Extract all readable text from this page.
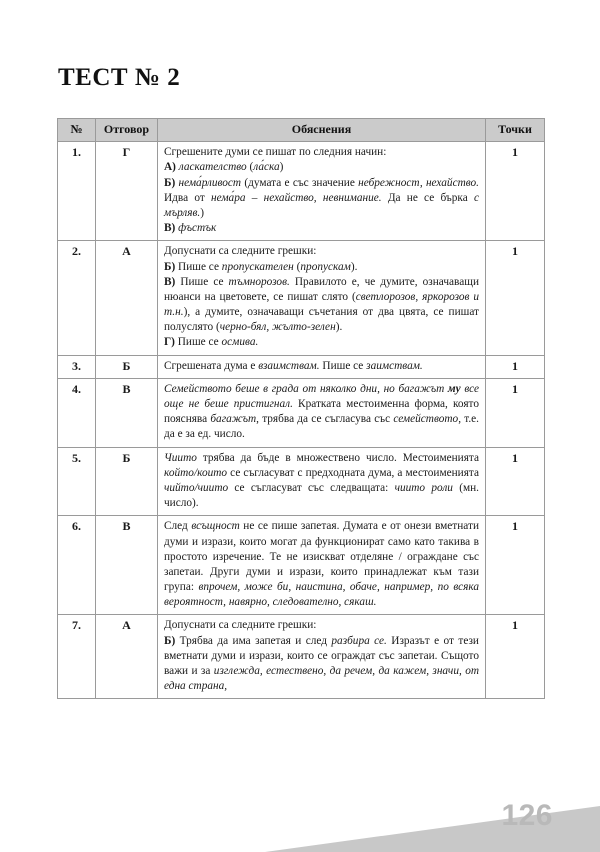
ТЕСТ № 2
№	Отговор	Обяснения	Точки
1.	Г	Сгрешените думи се пишат по следния начин:

А) ласкателство (ла́ска)

Б) нема́рливост (думата е със значение небрежност, нехайство. Идва от нема́ра – нехайство, невнимание. Да не се бърка с мърляв.)

В) фъстък	1
2.	А	Допуснати са следните грешки:

Б) Пише се пропускателен (пропускам).

В) Пише се тъмнорозов. Правилото е, че думите, означаващи нюанси на цветовете, се пишат слято (светлорозов, яркорозов и т.н.), а думите, означаващи съчетания от два цвята, се пишат полуслято (черно-бял, жълто-зелен).

Г) Пише се осмива.	1
3.	Б	Сгрешената дума е взаимствам. Пише се заимствам.	1
4.	В	Семейството беше в града от няколко дни, но багажът му все още не беше пристигнал. Кратката местоименна форма, която пояснява багажът, трябва да се съгласува със семейството, т.е. да е за ед. число.	1
5.	Б	Чиито трябва да бъде в множествено число. Местоименията който/които се съгласуват с предходната дума, а местоименията чийто/чиито се съгласуват със следващата: чиито роли (мн. число).	1
6.	В	След всъщност не се пише запетая. Думата е от онези вметнати думи и изрази, които могат да функционират само като такива в простото изречение. Те не изискват отделяне / ограждане със запетаи. Други думи и изрази, които принадлежат към тази група: впрочем, може би, наистина, обаче, например, по всяка вероятност, навярно, следователно, сякаш.	1
7.	А	Допуснати са следните грешки:

Б) Трябва да има запетая и след разбира се. Изразът е от тези вметнати думи и изрази, които се ограждат със запетаи. Същото важи и за изглежда, естествено, да речем, да кажем, значи, от една страна,	1
126
